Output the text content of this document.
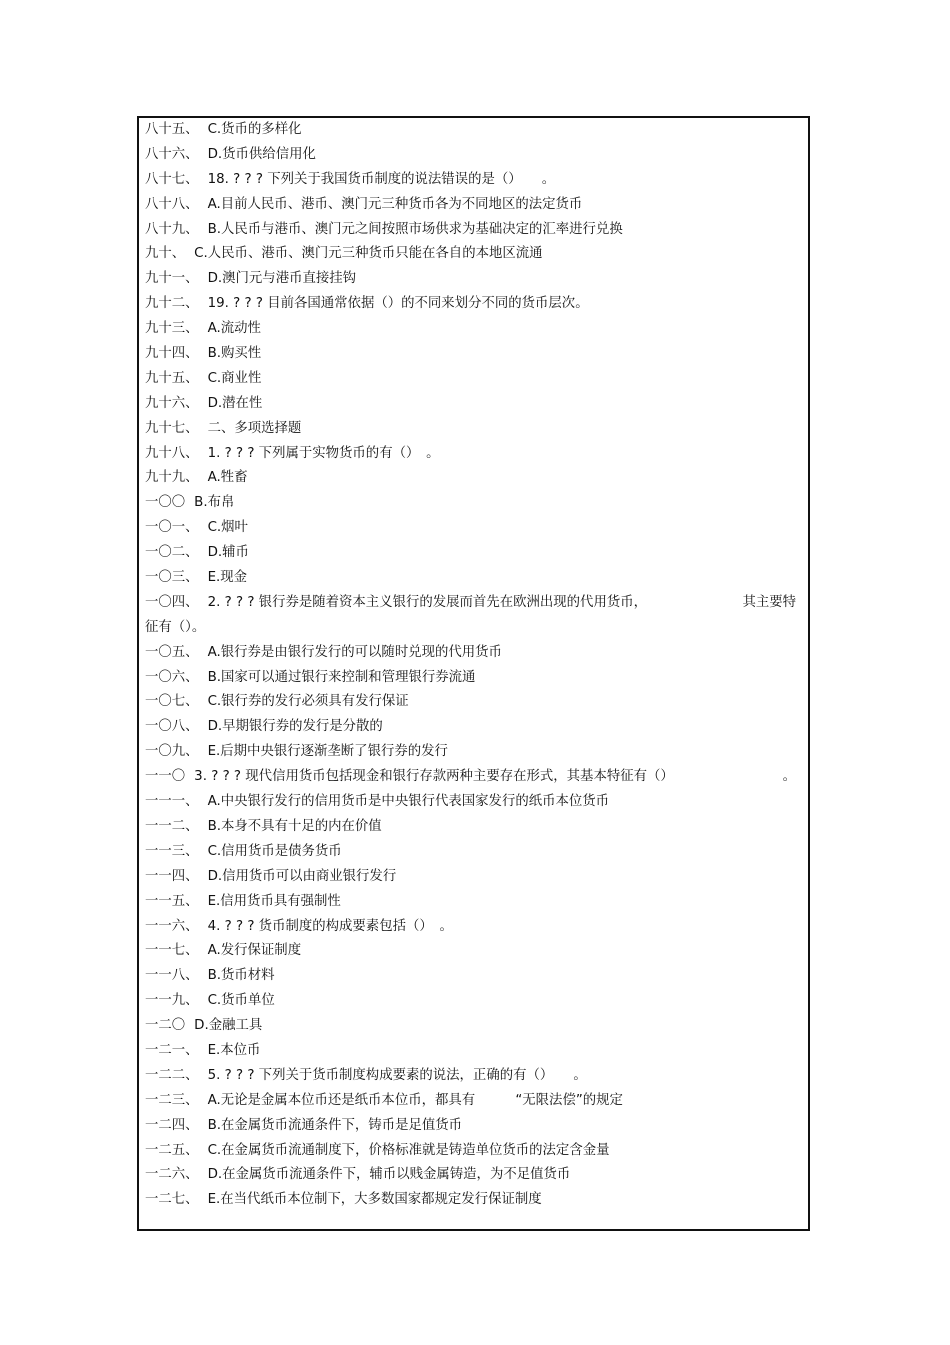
八十五、 C.货币的多样化
八十六、 D.货币供给信用化
八十七、 18. ? ? ? 下列关于我国货币制度的说法错误的是（）　　。
八十八、 A.目前人民币、港币、澳门元三种货币各为不同地区的法定货币
八十九、 B.人民币与港币、澳门元之间按照市场供求为基础决定的汇率进行兑换
九十、 C.人民币、港币、澳门元三种货币只能在各自的本地区流通
九十一、 D.澳门元与港币直接挂钩
九十二、 19. ? ? ? 目前各国通常依据（）的不同来划分不同的货币层次。
九十三、 A.流动性
九十四、 B.购买性
九十五、 C.商业性
九十六、 D.潜在性
九十七、 二、多项选择题
九十八、 1. ? ? ? 下列属于实物货币的有（）　。
九十九、 A.牲畜
一〇〇 B.布帛
一〇一、 C.烟叶
一〇二、 D.辅币
一〇三、 E.现金
一〇四、 2. ? ? ? 银行券是随着资本主义银行的发展而首先在欧洲出现的代用货币，	其主要特
征有（）。
一〇五、 A.银行券是由银行发行的可以随时兑现的代用货币
一〇六、 B.国家可以通过银行来控制和管理银行券流通
一〇七、 C.银行券的发行必须具有发行保证
一〇八、 D.早期银行券的发行是分散的
一〇九、 E.后期中央银行逐渐垄断了银行券的发行
一一〇 3. ? ? ? 现代信用货币包括现金和银行存款两种主要存在形式，其基本特征有（）	。
一一一、 A.中央银行发行的信用货币是中央银行代表国家发行的纸币本位货币
一一二、 B.本身不具有十足的内在价值
一一三、 C.信用货币是债务货币
一一四、 D.信用货币可以由商业银行发行
一一五、 E.信用货币具有强制性
一一六、 4. ? ? ? 货币制度的构成要素包括（）　。
一一七、 A.发行保证制度
一一八、 B.货币材料
一一九、 C.货币单位
一二〇 D.金融工具
一二一、 E.本位币
一二二、 5. ? ? ? 下列关于货币制度构成要素的说法，正确的有（）　　。
一二三、 A.无论是金属本位币还是纸币本位币，都具有　　　“无限法偿”的规定
一二四、 B.在金属货币流通条件下，铸币是足值货币
一二五、 C.在金属货币流通制度下，价格标准就是铸造单位货币的法定含金量
一二六、 D.在金属货币流通条件下，辅币以贱金属铸造，为不足值货币
一二七、 E.在当代纸币本位制下，大多数国家都规定发行保证制度
